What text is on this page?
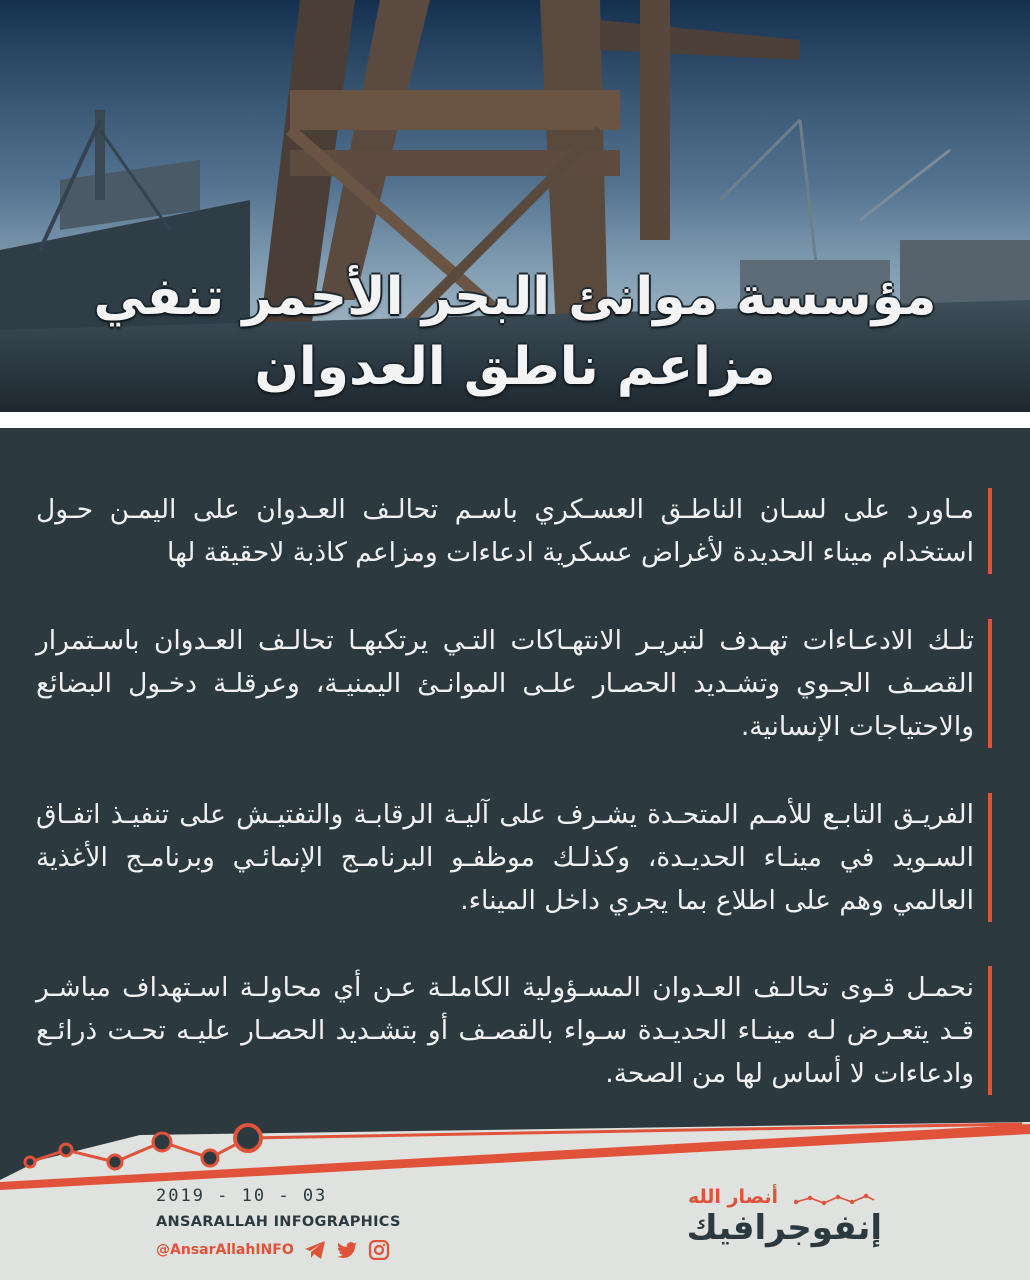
مؤسسة موانئ البحر الأحمر تنفي
مزاعم ناطق العدوان
مـاورد على لسـان الناطـق العسـكري باسـم تحالـف العـدوان على اليمـن حـول استخدام ميناء الحديدة لأغراض عسكرية ادعاءات ومزاعم كاذبة لاحقيقة لها
تلـك الادعـاءات تهـدف لتبريـر الانتهـاكات التـي يرتكبهـا تحالـف العـدوان باسـتمرار القصـف الجـوي وتشـديد الحصـار علـى الموانـئ اليمنيـة، وعرقلـة دخـول البضائع والاحتياجات الإنسانية.
الفريـق التابـع للأمـم المتحـدة يشـرف على آليـة الرقابـة والتفتيـش على تنفيـذ اتفـاق السـويد في مينـاء الحديـدة، وكذلـك موظفـو البرنامـج الإنمائـي وبرنامـج الأغذية العالمي وهم على اطلاع بما يجري داخل الميناء.
نحمـل قـوى تحالـف العـدوان المسـؤولية الكاملـة عـن أي محاولـة اسـتهداف مباشـر قـد يتعـرض لـه مينـاء الحديـدة سـواء بالقصـف أو بتشـديد الحصـار عليـه تحـت ذرائـع وادعاءات لا أساس لها من الصحة.
2019 - 10 - 03
ANSARALLAH INFOGRAPHICS
@AnsarAllahINFO
أنصار الله
إنفوجرافيك
